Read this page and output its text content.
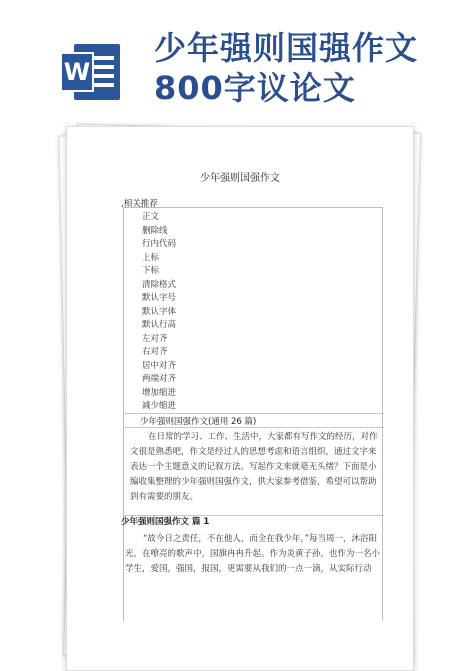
W
少年强则国强作文
800字议论文
少年强则国强作文
,相关推荐
正文
删除线
行内代码
上标
下标
清除格式
默认字号
默认字体
默认行高
左对齐
右对齐
居中对齐
两端对齐
增加缩进
减少缩进
少年强则国强作文(通用 26 篇)
在日常的学习、工作、生活中，大家都有写作文的经历，对作文很是熟悉吧，作文是经过人的思想考虑和语言组织，通过文字来表达一个主题意义的记叙方法。写起作文来就毫无头绪？下面是小编收集整理的少年强则国强作文，供大家参考借鉴，希望可以帮助到有需要的朋友。
少年强则国强作文 篇 1
“故今日之责任，不在他人，而全在我少年。”每当周一，沐浴阳光，在嘹亮的歌声中，国旗冉冉升起。作为炎黄子孙，也作为一名小学生，爱国，强国，报国，更需要从我们的一点一滴，从实际行动
